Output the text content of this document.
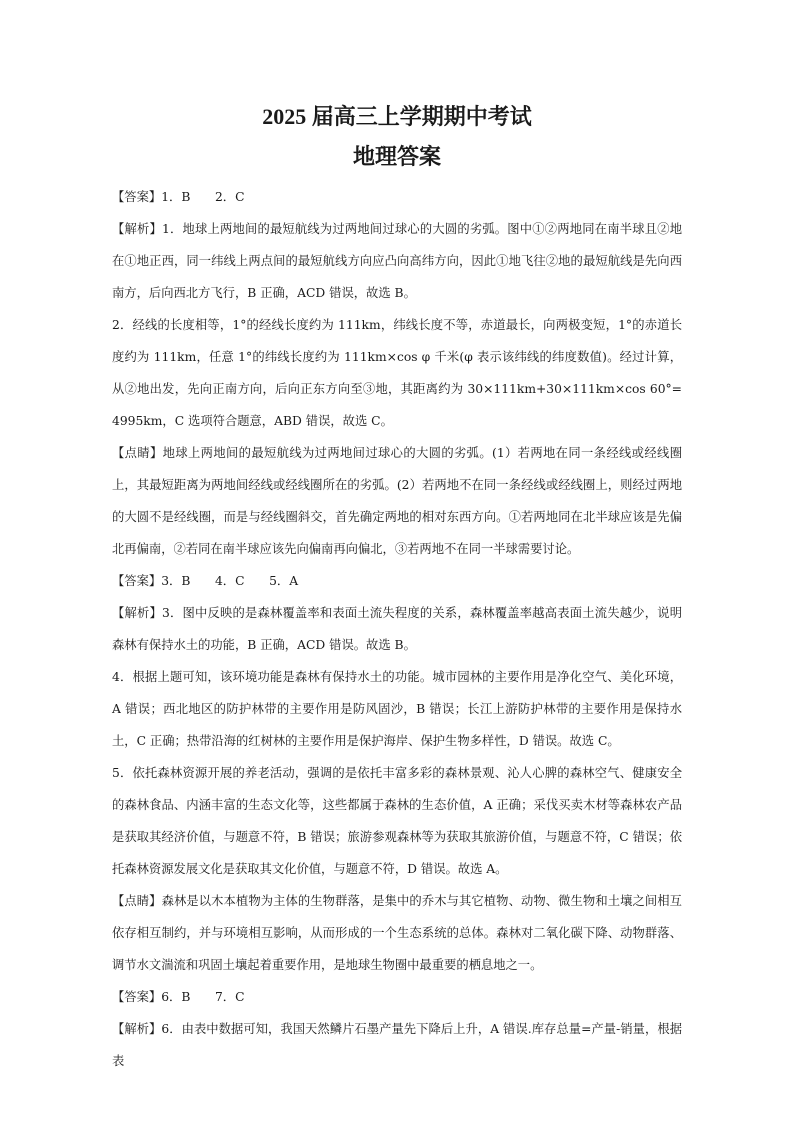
2025 届高三上学期期中考试
地理答案

【答案】1．B　　2．C

【解析】1．地球上两地间的最短航线为过两地间过球心的大圆的劣弧。图中①②两地同在南半球且②地在①地正西，同一纬线上两点间的最短航线方向应凸向高纬方向，因此①地飞往②地的最短航线是先向西南方，后向西北方飞行，B 正确，ACD 错误，故选 B。

2．经线的长度相等，1°的经线长度约为 111km，纬线长度不等，赤道最长，向两极变短，1°的赤道长度约为 111km，任意 1°的纬线长度约为 111km×cos φ 千米(φ 表示该纬线的纬度数值)。经过计算，从②地出发，先向正南方向，后向正东方向至③地，其距离约为 30×111km+30×111km×cos 60°=4995km，C 选项符合题意，ABD 错误，故选 C。

【点睛】地球上两地间的最短航线为过两地间过球心的大圆的劣弧。(1）若两地在同一条经线或经线圈上，其最短距离为两地间经线或经线圈所在的劣弧。(2）若两地不在同一条经线或经线圈上，则经过两地的大圆不是经线圈，而是与经线圈斜交，首先确定两地的相对东西方向。①若两地同在北半球应该是先偏北再偏南，②若同在南半球应该先向偏南再向偏北，③若两地不在同一半球需要讨论。

【答案】3．B　　4．C　　5．A

【解析】3．图中反映的是森林覆盖率和表面土流失程度的关系，森林覆盖率越高表面土流失越少，说明森林有保持水土的功能，B 正确，ACD 错误。故选 B。

4．根据上题可知，该环境功能是森林有保持水土的功能。城市园林的主要作用是净化空气、美化环境，A 错误；西北地区的防护林带的主要作用是防风固沙，B 错误；长江上游防护林带的主要作用是保持水土，C 正确；热带沿海的红树林的主要作用是保护海岸、保护生物多样性，D 错误。故选 C。

5．依托森林资源开展的养老活动，强调的是依托丰富多彩的森林景观、沁人心脾的森林空气、健康安全的森林食品、内涵丰富的生态文化等，这些都属于森林的生态价值，A 正确；采伐买卖木材等森林农产品是获取其经济价值，与题意不符，B 错误；旅游参观森林等为获取其旅游价值，与题意不符，C 错误；依托森林资源发展文化是获取其文化价值，与题意不符，D 错误。故选 A。

【点睛】森林是以木本植物为主体的生物群落，是集中的乔木与其它植物、动物、微生物和土壤之间相互依存相互制约，并与环境相互影响，从而形成的一个生态系统的总体。森林对二氧化碳下降、动物群落、调节水文湍流和巩固土壤起着重要作用，是地球生物圈中最重要的栖息地之一。

【答案】6．B　　7．C

【解析】6．由表中数据可知，我国天然鳞片石墨产量先下降后上升，A 错误.库存总量=产量-销量，根据表
